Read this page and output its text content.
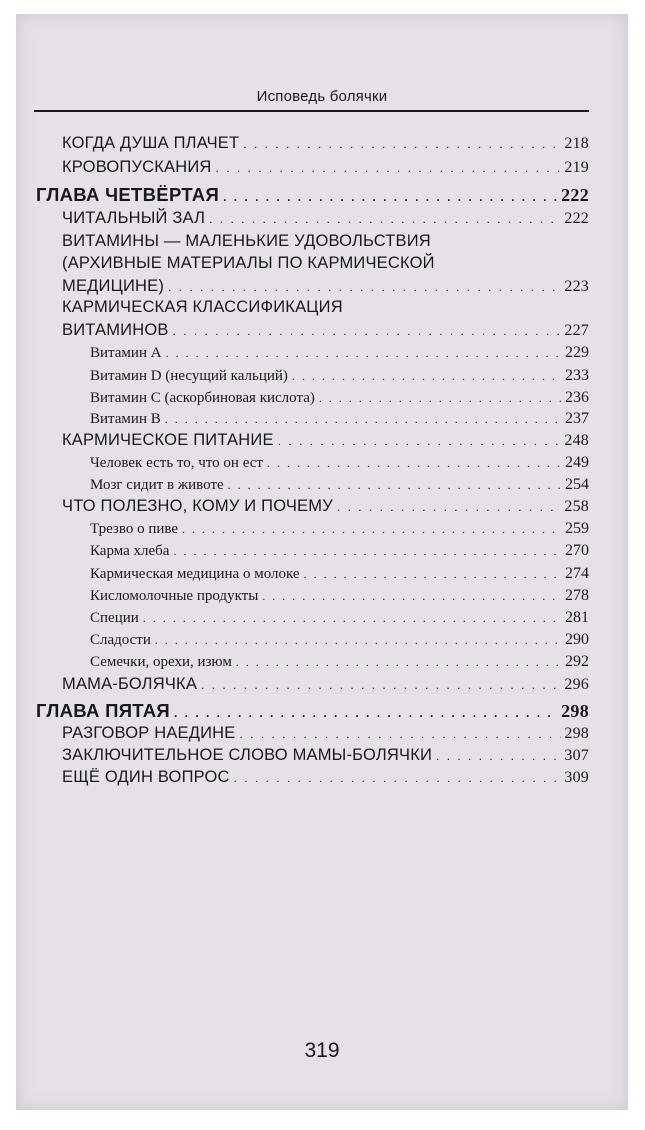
Исповедь болячки
КОГДА ДУША ПЛАЧЕТ . . .	218
КРОВОПУСКАНИЯ . . .	219
ГЛАВА ЧЕТВЁРТАЯ . . .	222
ЧИТАЛЬНЫЙ ЗАЛ . . .	222
ВИТАМИНЫ — МАЛЕНЬКИЕ УДОВОЛЬСТВИЯ
(АРХИВНЫЕ МАТЕРИАЛЫ ПО КАРМИЧЕСКОЙ
МЕДИЦИНЕ) . . .	223
КАРМИЧЕСКАЯ КЛАССИФИКАЦИЯ
ВИТАМИНОВ . . .	227
Витамин А . . .	229
Витамин D (несущий кальций) . . .	233
Витамин С (аскорбиновая кислота) . . .	236
Витамин В . . .	237
КАРМИЧЕСКОЕ ПИТАНИЕ . . .	248
Человек есть то, что он ест . . .	249
Мозг сидит в животе . . .	254
ЧТО ПОЛЕЗНО, КОМУ И ПОЧЕМУ . . .	258
Трезво о пиве . . .	259
Карма хлеба . . .	270
Кармическая медицина о молоке . . .	274
Кисломолочные продукты . . .	278
Специи . . .	281
Сладости . . .	290
Семечки, орехи, изюм . . .	292
МАМА-БОЛЯЧКА . . .	296
ГЛАВА ПЯТАЯ . . .	298
РАЗГОВОР НАЕДИНЕ . . .	298
ЗАКЛЮЧИТЕЛЬНОЕ СЛОВО МАМЫ-БОЛЯЧКИ . . .	307
ЕЩЁ ОДИН ВОПРОС . . .	309
319
